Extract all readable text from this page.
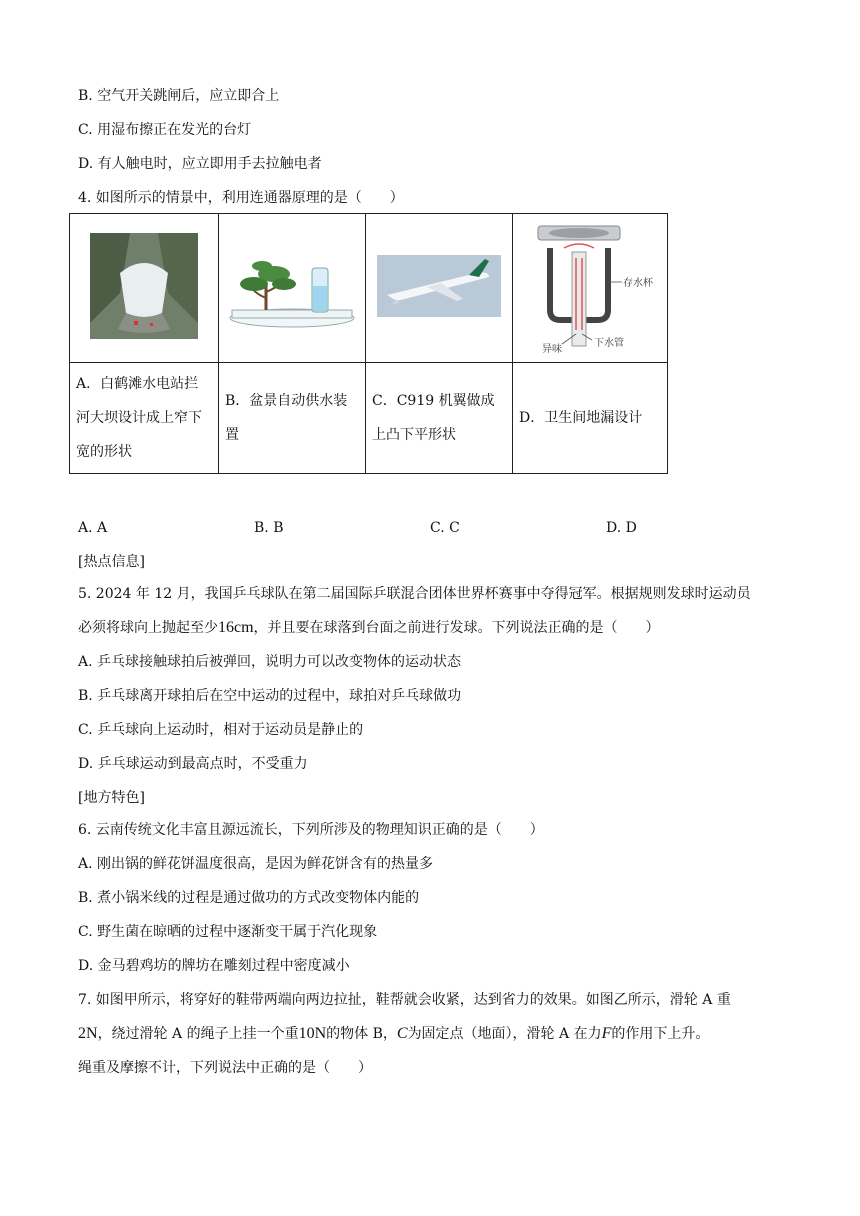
B. 空气开关跳闸后，应立即合上
C. 用湿布擦正在发光的台灯
D. 有人触电时，应立即用手去拉触电者
4. 如图所示的情景中，利用连通器原理的是（　　）

存水杯
异味
下水管

A．白鹤滩水电站拦河大坝设计成上窄下宽的形状	B．盆景自动供水装置	C．C919 机翼做成上凸下平形状	D．卫生间地漏设计
A. A	B. B	C. C	D. D
[热点信息]
5. 2024 年 12 月，我国乒乓球队在第二届国际乒联混合团体世界杯赛事中夺得冠军。根据规则发球时运动员
必须将球向上抛起至少16cm，并且要在球落到台面之前进行发球。下列说法正确的是（　　）
A. 乒乓球接触球拍后被弹回，说明力可以改变物体的运动状态
B. 乒乓球离开球拍后在空中运动的过程中，球拍对乒乓球做功
C. 乒乓球向上运动时，相对于运动员是静止的
D. 乒乓球运动到最高点时，不受重力
[地方特色]
6. 云南传统文化丰富且源远流长，下列所涉及的物理知识正确的是（　　）
A. 刚出锅的鲜花饼温度很高，是因为鲜花饼含有的热量多
B. 煮小锅米线的过程是通过做功的方式改变物体内能的
C. 野生菌在晾晒的过程中逐渐变干属于汽化现象
D. 金马碧鸡坊的牌坊在雕刻过程中密度减小
7. 如图甲所示，将穿好的鞋带两端向两边拉扯，鞋帮就会收紧，达到省力的效果。如图乙所示，滑轮 A 重
2N，绕过滑轮 A 的绳子上挂一个重10N的物体 B，C为固定点（地面），滑轮 A 在力F的作用下上升。
绳重及摩擦不计，下列说法中正确的是（　　）
